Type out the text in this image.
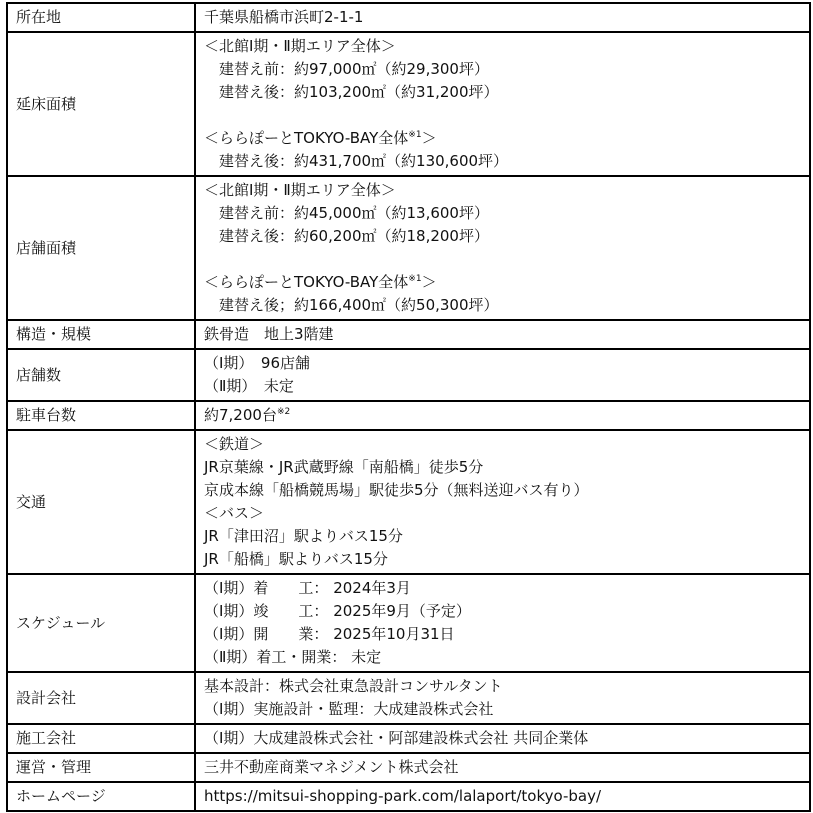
所在地	千葉県船橋市浜町2-1-1

延床面積	＜北館Ⅰ期・Ⅱ期エリア全体＞
　建替え前：約97,000㎡（約29,300坪）
　建替え後：約103,200㎡（約31,200坪）
＜ららぽーとTOKYO-BAY全体$^{※1}$＞
　建替え後：約431,700㎡（約130,600坪）

店舗面積	＜北館Ⅰ期・Ⅱ期エリア全体＞
　建替え前：約45,000㎡（約13,600坪）
　建替え後：約60,200㎡（約18,200坪）
＜ららぽーとTOKYO-BAY全体$^{※1}$＞
　建替え後；約166,400㎡（約50,300坪）

構造・規模	鉄骨造　地上3階建

店舗数	（Ⅰ期）　96店舗
（Ⅱ期）　未定

駐車台数	約7,200台$^{※2}$

交通	
＜鉄道＞
JR京葉線・JR武蔵野線「南船橋」徒歩5分
京成本線「船橋競馬場」駅徒歩5分（無料送迎バス有り）
＜バス＞
JR「津田沼」駅よりバス15分
JR「船橋」駅よりバス15分

スケジュール	（Ⅰ期）着　　工： 2024年3月
（Ⅰ期）竣　　工： 2025年9月（予定）
（Ⅰ期）開　　業： 2025年10月31日
（Ⅱ期）着工・開業： 未定

設計会社	基本設計：株式会社東急設計コンサルタント
（Ⅰ期）実施設計・監理：大成建設株式会社

施工会社	（Ⅰ期）大成建設株式会社・阿部建設株式会社 共同企業体

運営・管理	三井不動産商業マネジメント株式会社

ホームページ	https://mitsui-shopping-park.com/lalaport/tokyo-bay/
